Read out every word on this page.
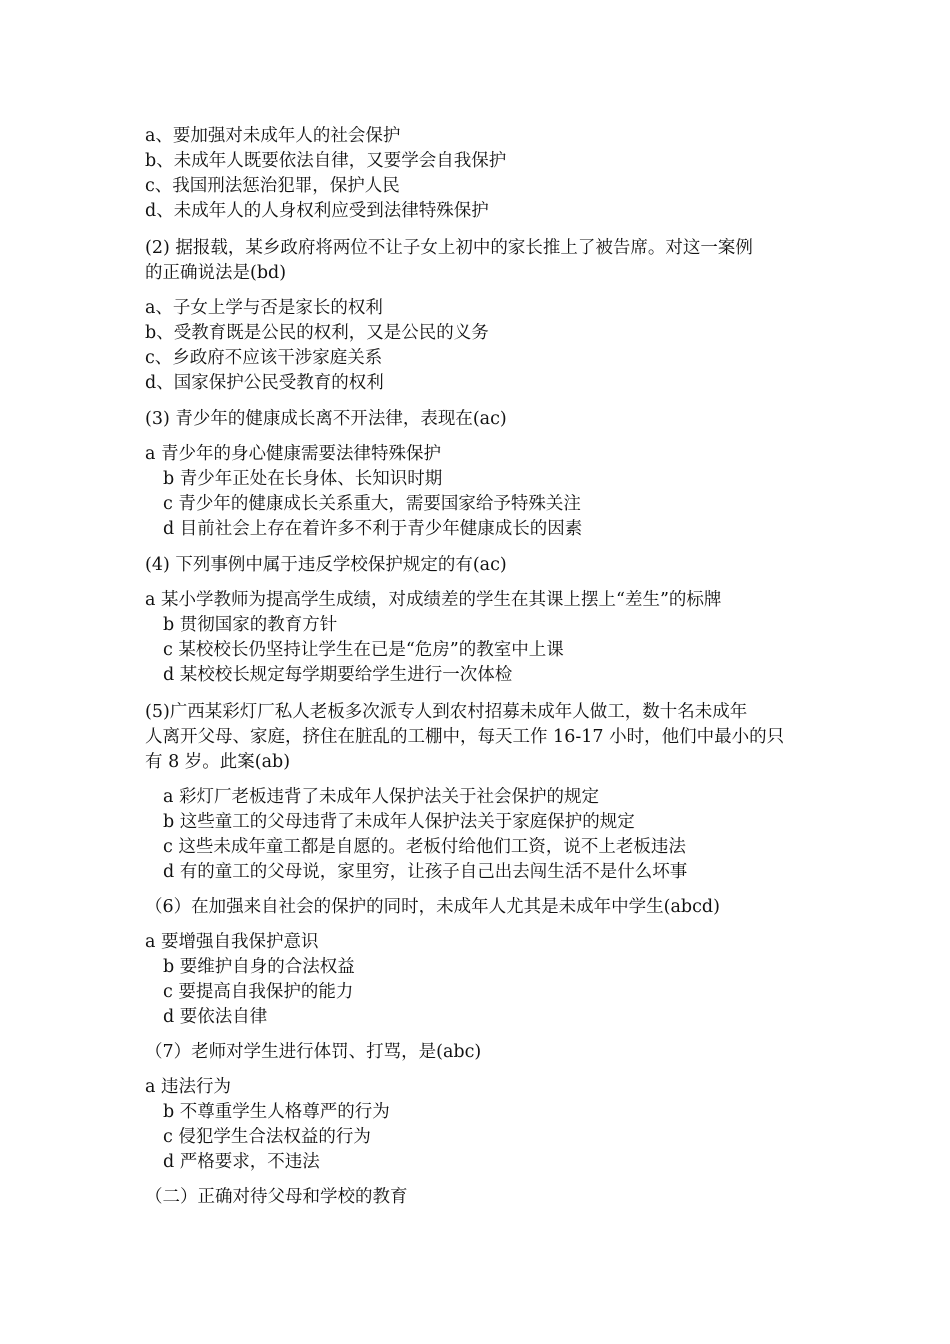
a、要加强对未成年人的社会保护

b、未成年人既要依法自律，又要学会自我保护

c、我国刑法惩治犯罪，保护人民

d、未成年人的人身权利应受到法律特殊保护

(2) 据报载，某乡政府将两位不让子女上初中的家长推上了被告席。对这一案例

的正确说法是(bd)

a、子女上学与否是家长的权利

b、受教育既是公民的权利，又是公民的义务

c、乡政府不应该干涉家庭关系

d、国家保护公民受教育的权利

(3) 青少年的健康成长离不开法律，表现在(ac)

a 青少年的身心健康需要法律特殊保护

b 青少年正处在长身体、长知识时期

c 青少年的健康成长关系重大，需要国家给予特殊关注

d 目前社会上存在着许多不利于青少年健康成长的因素

(4) 下列事例中属于违反学校保护规定的有(ac)

a 某小学教师为提高学生成绩，对成绩差的学生在其课上摆上“差生”的标牌

b 贯彻国家的教育方针

c 某校校长仍坚持让学生在已是“危房”的教室中上课

d 某校校长规定每学期要给学生进行一次体检

(5)广西某彩灯厂私人老板多次派专人到农村招募未成年人做工，数十名未成年

人离开父母、家庭，挤住在脏乱的工棚中，每天工作 16-17 小时，他们中最小的只

有 8 岁。此案(ab)

a 彩灯厂老板违背了未成年人保护法关于社会保护的规定

b 这些童工的父母违背了未成年人保护法关于家庭保护的规定

c 这些未成年童工都是自愿的。老板付给他们工资，说不上老板违法

d 有的童工的父母说，家里穷，让孩子自己出去闯生活不是什么坏事

（6）在加强来自社会的保护的同时，未成年人尤其是未成年中学生(abcd)

a 要增强自我保护意识

b 要维护自身的合法权益

c 要提高自我保护的能力

d 要依法自律

（7）老师对学生进行体罚、打骂，是(abc)

a 违法行为

b 不尊重学生人格尊严的行为

c 侵犯学生合法权益的行为

d 严格要求，不违法

（二）正确对待父母和学校的教育
